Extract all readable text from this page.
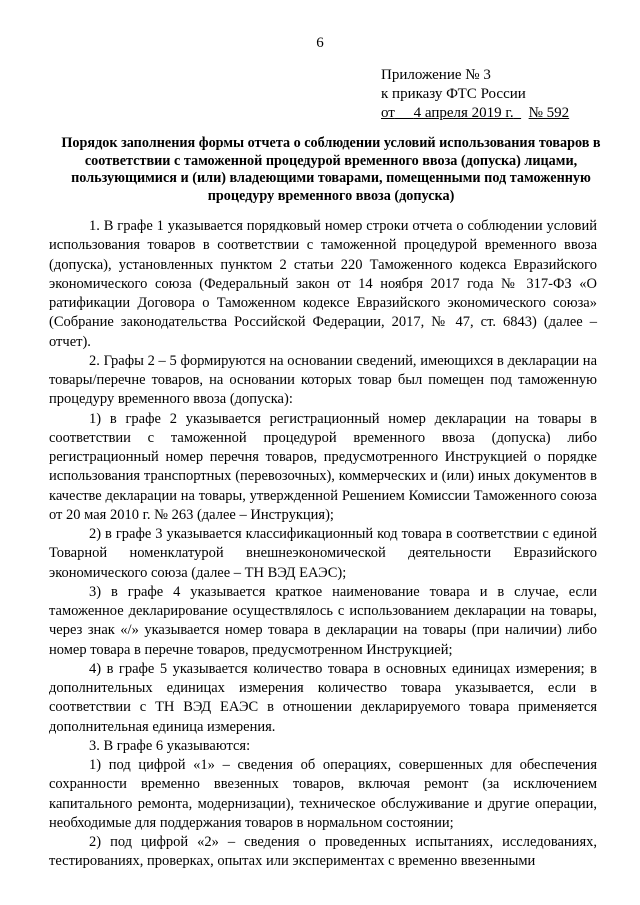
6
Приложение № 3
к приказу ФТС России
от 4 апреля 2019 г. № 592
Порядок заполнения формы отчета о соблюдении условий использования товаров в соответствии с таможенной процедурой временного ввоза (допуска) лицами, пользующимися и (или) владеющими товарами, помещенными под таможенную процедуру временного ввоза (допуска)

1. В графе 1 указывается порядковый номер строки отчета о соблюдении условий использования товаров в соответствии с таможенной процедурой временного ввоза (допуска), установленных пунктом 2 статьи 220 Таможенного кодекса Евразийского экономического союза (Федеральный закон от 14 ноября 2017 года № 317-ФЗ «О ратификации Договора о Таможенном кодексе Евразийского экономического союза» (Собрание законодательства Российской Федерации, 2017, № 47, ст. 6843) (далее – отчет).

2. Графы 2 – 5 формируются на основании сведений, имеющихся в декларации на товары/перечне товаров, на основании которых товар был помещен под таможенную процедуру временного ввоза (допуска):

1) в графе 2 указывается регистрационный номер декларации на товары в соответствии с таможенной процедурой временного ввоза (допуска) либо регистрационный номер перечня товаров, предусмотренного Инструкцией о порядке использования транспортных (перевозочных), коммерческих и (или) иных документов в качестве декларации на товары, утвержденной Решением Комиссии Таможенного союза от 20 мая 2010 г. № 263 (далее – Инструкция);

2) в графе 3 указывается классификационный код товара в соответствии с единой Товарной номенклатурой внешнеэкономической деятельности Евразийского экономического союза (далее – ТН ВЭД ЕАЭС);

3) в графе 4 указывается краткое наименование товара и в случае, если таможенное декларирование осуществлялось с использованием декларации на товары, через знак «/» указывается номер товара в декларации на товары (при наличии) либо номер товара в перечне товаров, предусмотренном Инструкцией;

4) в графе 5 указывается количество товара в основных единицах измерения; в дополнительных единицах измерения количество товара указывается, если в соответствии с ТН ВЭД ЕАЭС в отношении декларируемого товара применяется дополнительная единица измерения.

3. В графе 6 указываются:

1) под цифрой «1» – сведения об операциях, совершенных для обеспечения сохранности временно ввезенных товаров, включая ремонт (за исключением капитального ремонта, модернизации), техническое обслуживание и другие операции, необходимые для поддержания товаров в нормальном состоянии;

2) под цифрой «2» – сведения о проведенных испытаниях, исследованиях, тестированиях, проверках, опытах или экспериментах с временно ввезенными
